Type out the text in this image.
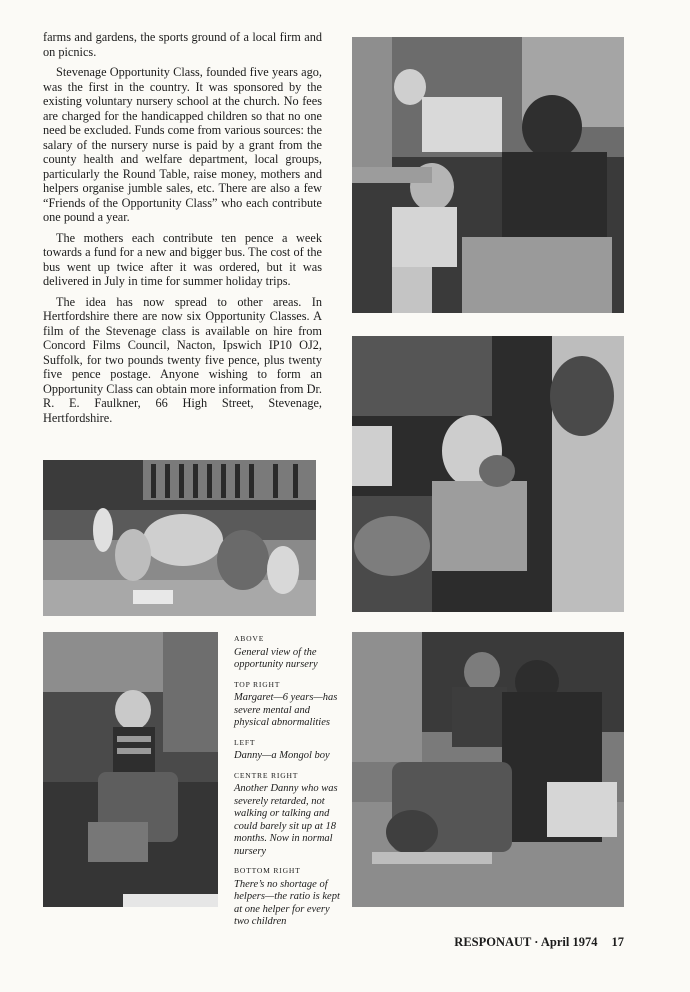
farms and gardens, the sports ground of a local firm and on picnics.

Stevenage Opportunity Class, founded five years ago, was the first in the country. It was sponsored by the existing voluntary nursery school at the church. No fees are charged for the handicapped children so that no one need be excluded. Funds come from various sources: the salary of the nursery nurse is paid by a grant from the county health and welfare department, local groups, particularly the Round Table, raise money, mothers and helpers organise jumble sales, etc. There are also a few “Friends of the Opportunity Class” who each contribute one pound a year.

The mothers each contribute ten pence a week towards a fund for a new and bigger bus. The cost of the bus went up twice after it was ordered, but it was delivered in July in time for summer holiday trips.

The idea has now spread to other areas. In Hertfordshire there are now six Opportunity Classes. A film of the Stevenage class is available on hire from Concord Films Council, Nacton, Ipswich IP10 OJ2, Suffolk, for two pounds twenty five pence, plus twenty five pence postage. Anyone wishing to form an Opportunity Class can obtain more information from Dr. R. E. Faulkner, 66 High Street, Stevenage, Hertfordshire.

ABOVE
General view of the opportunity nursery
TOP RIGHT
Margaret—6 years—has severe mental and physical abnormalities
LEFT
Danny—a Mongol boy
CENTRE RIGHT
Another Danny who was severely retarded, not walking or talking and could barely sit up at 18 months. Now in normal nursery
BOTTOM RIGHT
There’s no shortage of helpers—the ratio is kept at one helper for every two children
RESPONAUT · April 1974 17
